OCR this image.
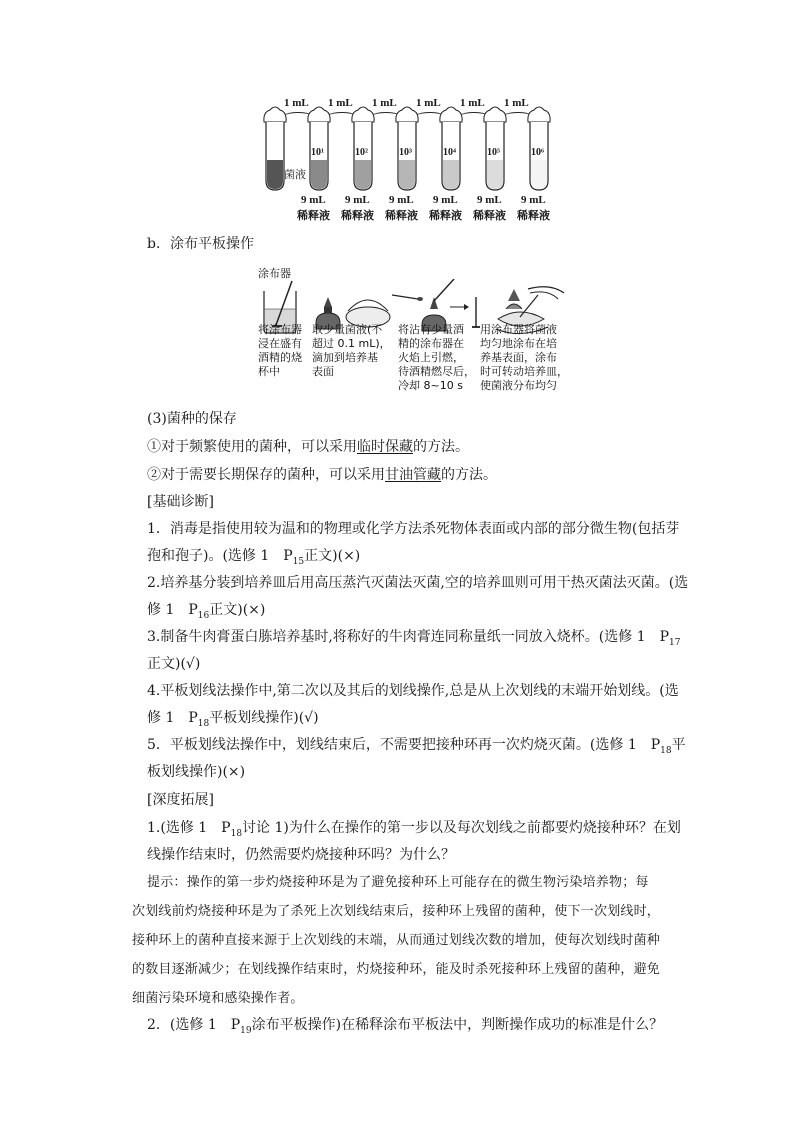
1 mL 1 mL 1 mL 1 mL 1 mL 1 mL
菌液
10¹
9 mL
稀释液
10²
9 mL
稀释液
10³
9 mL
稀释液
10⁴
9 mL
稀释液
10⁵
9 mL
稀释液
10⁶
9 mL
稀释液
b．涂布平板操作
涂布器
将涂布器
浸在盛有
酒精的烧
杯中
取少量菌液(不
超过 0.1 mL)，
滴加到培养基
表面
将沾有少量酒
精的涂布器在
火焰上引燃，
待酒精燃尽后，
冷却 8~10 s
用涂布器将菌液
均匀地涂布在培
养基表面，涂布
时可转动培养皿，
使菌液分布均匀
(3)菌种的保存
①对于频繁使用的菌种，可以采用临时保藏的方法。
②对于需要长期保存的菌种，可以采用甘油管藏的方法。
[基础诊断]
1．消毒是指使用较为温和的物理或化学方法杀死物体表面或内部的部分微生物(包括芽
孢和孢子)。(选修 1　$P_{15}$正文)(×)
2.培养基分装到培养皿后用高压蒸汽灭菌法灭菌,空的培养皿则可用干热灭菌法灭菌。(选
修 1　$P_{16}$正文)(×)
3.制备牛肉膏蛋白胨培养基时,将称好的牛肉膏连同称量纸一同放入烧杯。(选修 1　$P_{17}$
正文)(√)
4.平板划线法操作中,第二次以及其后的划线操作,总是从上次划线的末端开始划线。(选
修 1　$P_{18}$平板划线操作)(√)
5．平板划线法操作中，划线结束后，不需要把接种环再一次灼烧灭菌。(选修 1　$P_{18}$平
板划线操作)(×)
[深度拓展]
1.(选修 1　$P_{18}$讨论 1)为什么在操作的第一步以及每次划线之前都要灼烧接种环？在划
线操作结束时，仍然需要灼烧接种环吗？为什么？
提示：操作的第一步灼烧接种环是为了避免接种环上可能存在的微生物污染培养物；每
次划线前灼烧接种环是为了杀死上次划线结束后，接种环上残留的菌种，使下一次划线时，
接种环上的菌种直接来源于上次划线的末端，从而通过划线次数的增加，使每次划线时菌种
的数目逐渐减少；在划线操作结束时，灼烧接种环，能及时杀死接种环上残留的菌种，避免
细菌污染环境和感染操作者。
2．(选修 1　$P_{19}$涂布平板操作)在稀释涂布平板法中，判断操作成功的标准是什么？
